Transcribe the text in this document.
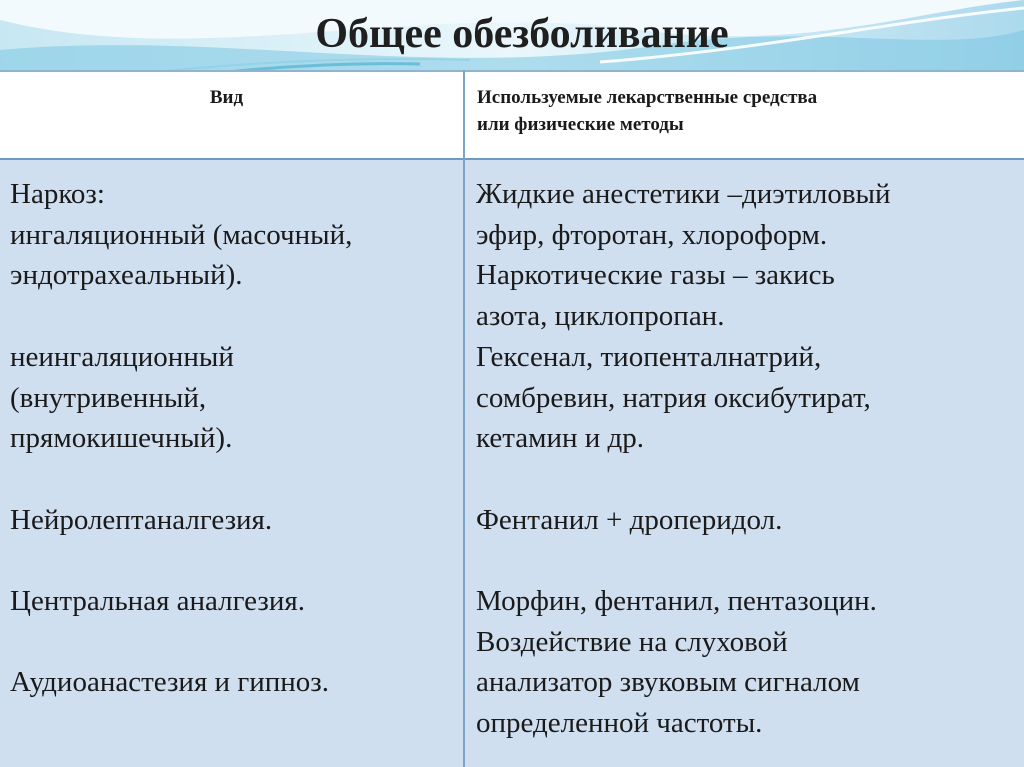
Общее обезболивание
Вид	Используемые лекарственные средства
или физические методы

Наркоз:

ингаляционный (масочный,

эндотрахеальный).

неингаляционный

(внутривенный,

прямокишечный).

Нейролептаналгезия.

Центральная аналгезия.

Аудиоанастезия и гипноз.

Жидкие анестетики –диэтиловый

эфир, фторотан, хлороформ.

Наркотические газы – закись

азота, циклопропан.

Гексенал, тиопенталнатрий,

сомбревин, натрия оксибутират,

кетамин и др.

Фентанил + дроперидол.

Морфин, фентанил, пентазоцин.

Воздействие на слуховой

анализатор звуковым сигналом

определенной частоты.
